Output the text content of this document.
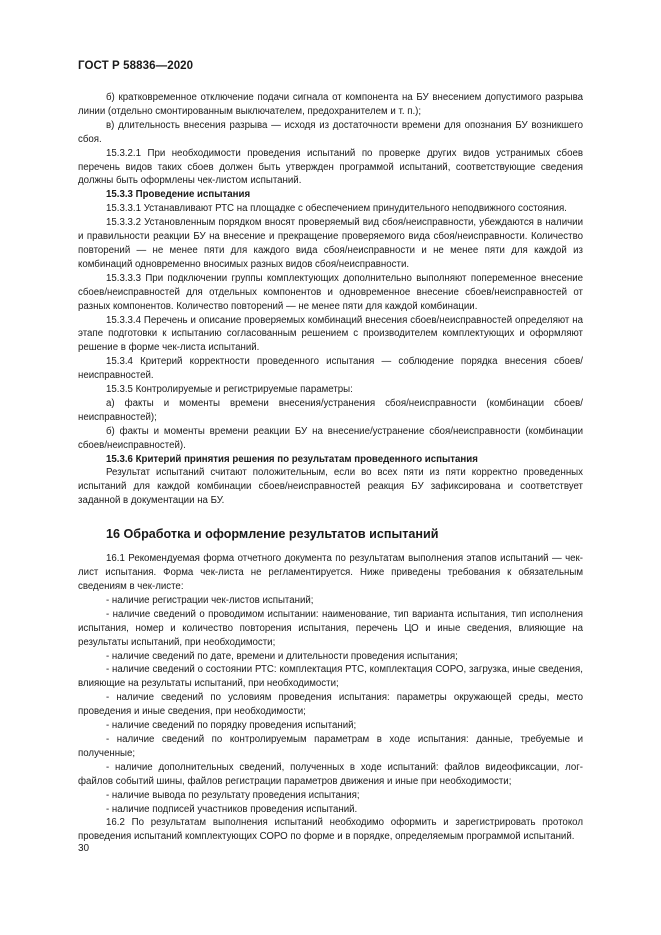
ГОСТ Р 58836—2020

б) кратковременное отключение подачи сигнала от компонента на БУ внесением допустимого разрыва линии (отдельно смонтированным выключателем, предохранителем и т. п.);

в) длительность внесения разрыва — исходя из достаточности времени для опознания БУ возникшего сбоя.

15.3.2.1 При необходимости проведения испытаний по проверке других видов устранимых сбоев перечень видов таких сбоев должен быть утвержден программой испытаний, соответствующие сведения должны быть оформлены чек-листом испытаний.

15.3.3 Проведение испытания

15.3.3.1 Устанавливают РТС на площадке с обеспечением принудительного неподвижного состояния.

15.3.3.2 Установленным порядком вносят проверяемый вид сбоя/неисправности, убеждаются в наличии и правильности реакции БУ на внесение и прекращение проверяемого вида сбоя/неисправности. Количество повторений — не менее пяти для каждого вида сбоя/неисправности и не менее пяти для каждой из комбинаций одновременно вносимых разных видов сбоя/неисправности.

15.3.3.3 При подключении группы комплектующих дополнительно выполняют попеременное внесение сбоев/неисправностей для отдельных компонентов и одновременное внесение сбоев/неисправностей от разных компонентов. Количество повторений — не менее пяти для каждой комбинации.

15.3.3.4 Перечень и описание проверяемых комбинаций внесения сбоев/неисправностей определяют на этапе подготовки к испытанию согласованным решением с производителем комплектующих и оформляют решение в форме чек-листа испытаний.

15.3.4 Критерий корректности проведенного испытания — соблюдение порядка внесения сбоев/неисправностей.

15.3.5 Контролируемые и регистрируемые параметры:

а) факты и моменты времени внесения/устранения сбоя/неисправности (комбинации сбоев/неисправностей);

б) факты и моменты времени реакции БУ на внесение/устранение сбоя/неисправности (комбинации сбоев/неисправностей).

15.3.6 Критерий принятия решения по результатам проведенного испытания

Результат испытаний считают положительным, если во всех пяти из пяти корректно проведенных испытаний для каждой комбинации сбоев/неисправностей реакция БУ зафиксирована и соответствует заданной в документации на БУ.

16 Обработка и оформление результатов испытаний

16.1 Рекомендуемая форма отчетного документа по результатам выполнения этапов испытаний — чек-лист испытания. Форма чек-листа не регламентируется. Ниже приведены требования к обязательным сведениям в чек-листе:

- наличие регистрации чек-листов испытаний;
- наличие сведений о проводимом испытании: наименование, тип варианта испытания, тип исполнения испытания, номер и количество повторения испытания, перечень ЦО и иные сведения, влияющие на результаты испытаний, при необходимости;
- наличие сведений по дате, времени и длительности проведения испытания;
- наличие сведений о состоянии РТС: комплектация РТС, комплектация СОРО, загрузка, иные сведения, влияющие на результаты испытаний, при необходимости;
- наличие сведений по условиям проведения испытания: параметры окружающей среды, место проведения и иные сведения, при необходимости;
- наличие сведений по порядку проведения испытаний;
- наличие сведений по контролируемым параметрам в ходе испытания: данные, требуемые и полученные;
- наличие дополнительных сведений, полученных в ходе испытаний: файлов видеофиксации, лог-файлов событий шины, файлов регистрации параметров движения и иные при необходимости;
- наличие вывода по результату проведения испытания;
- наличие подписей участников проведения испытаний.

16.2 По результатам выполнения испытаний необходимо оформить и зарегистрировать протокол проведения испытаний комплектующих СОРО по форме и в порядке, определяемым программой испытаний.

30
